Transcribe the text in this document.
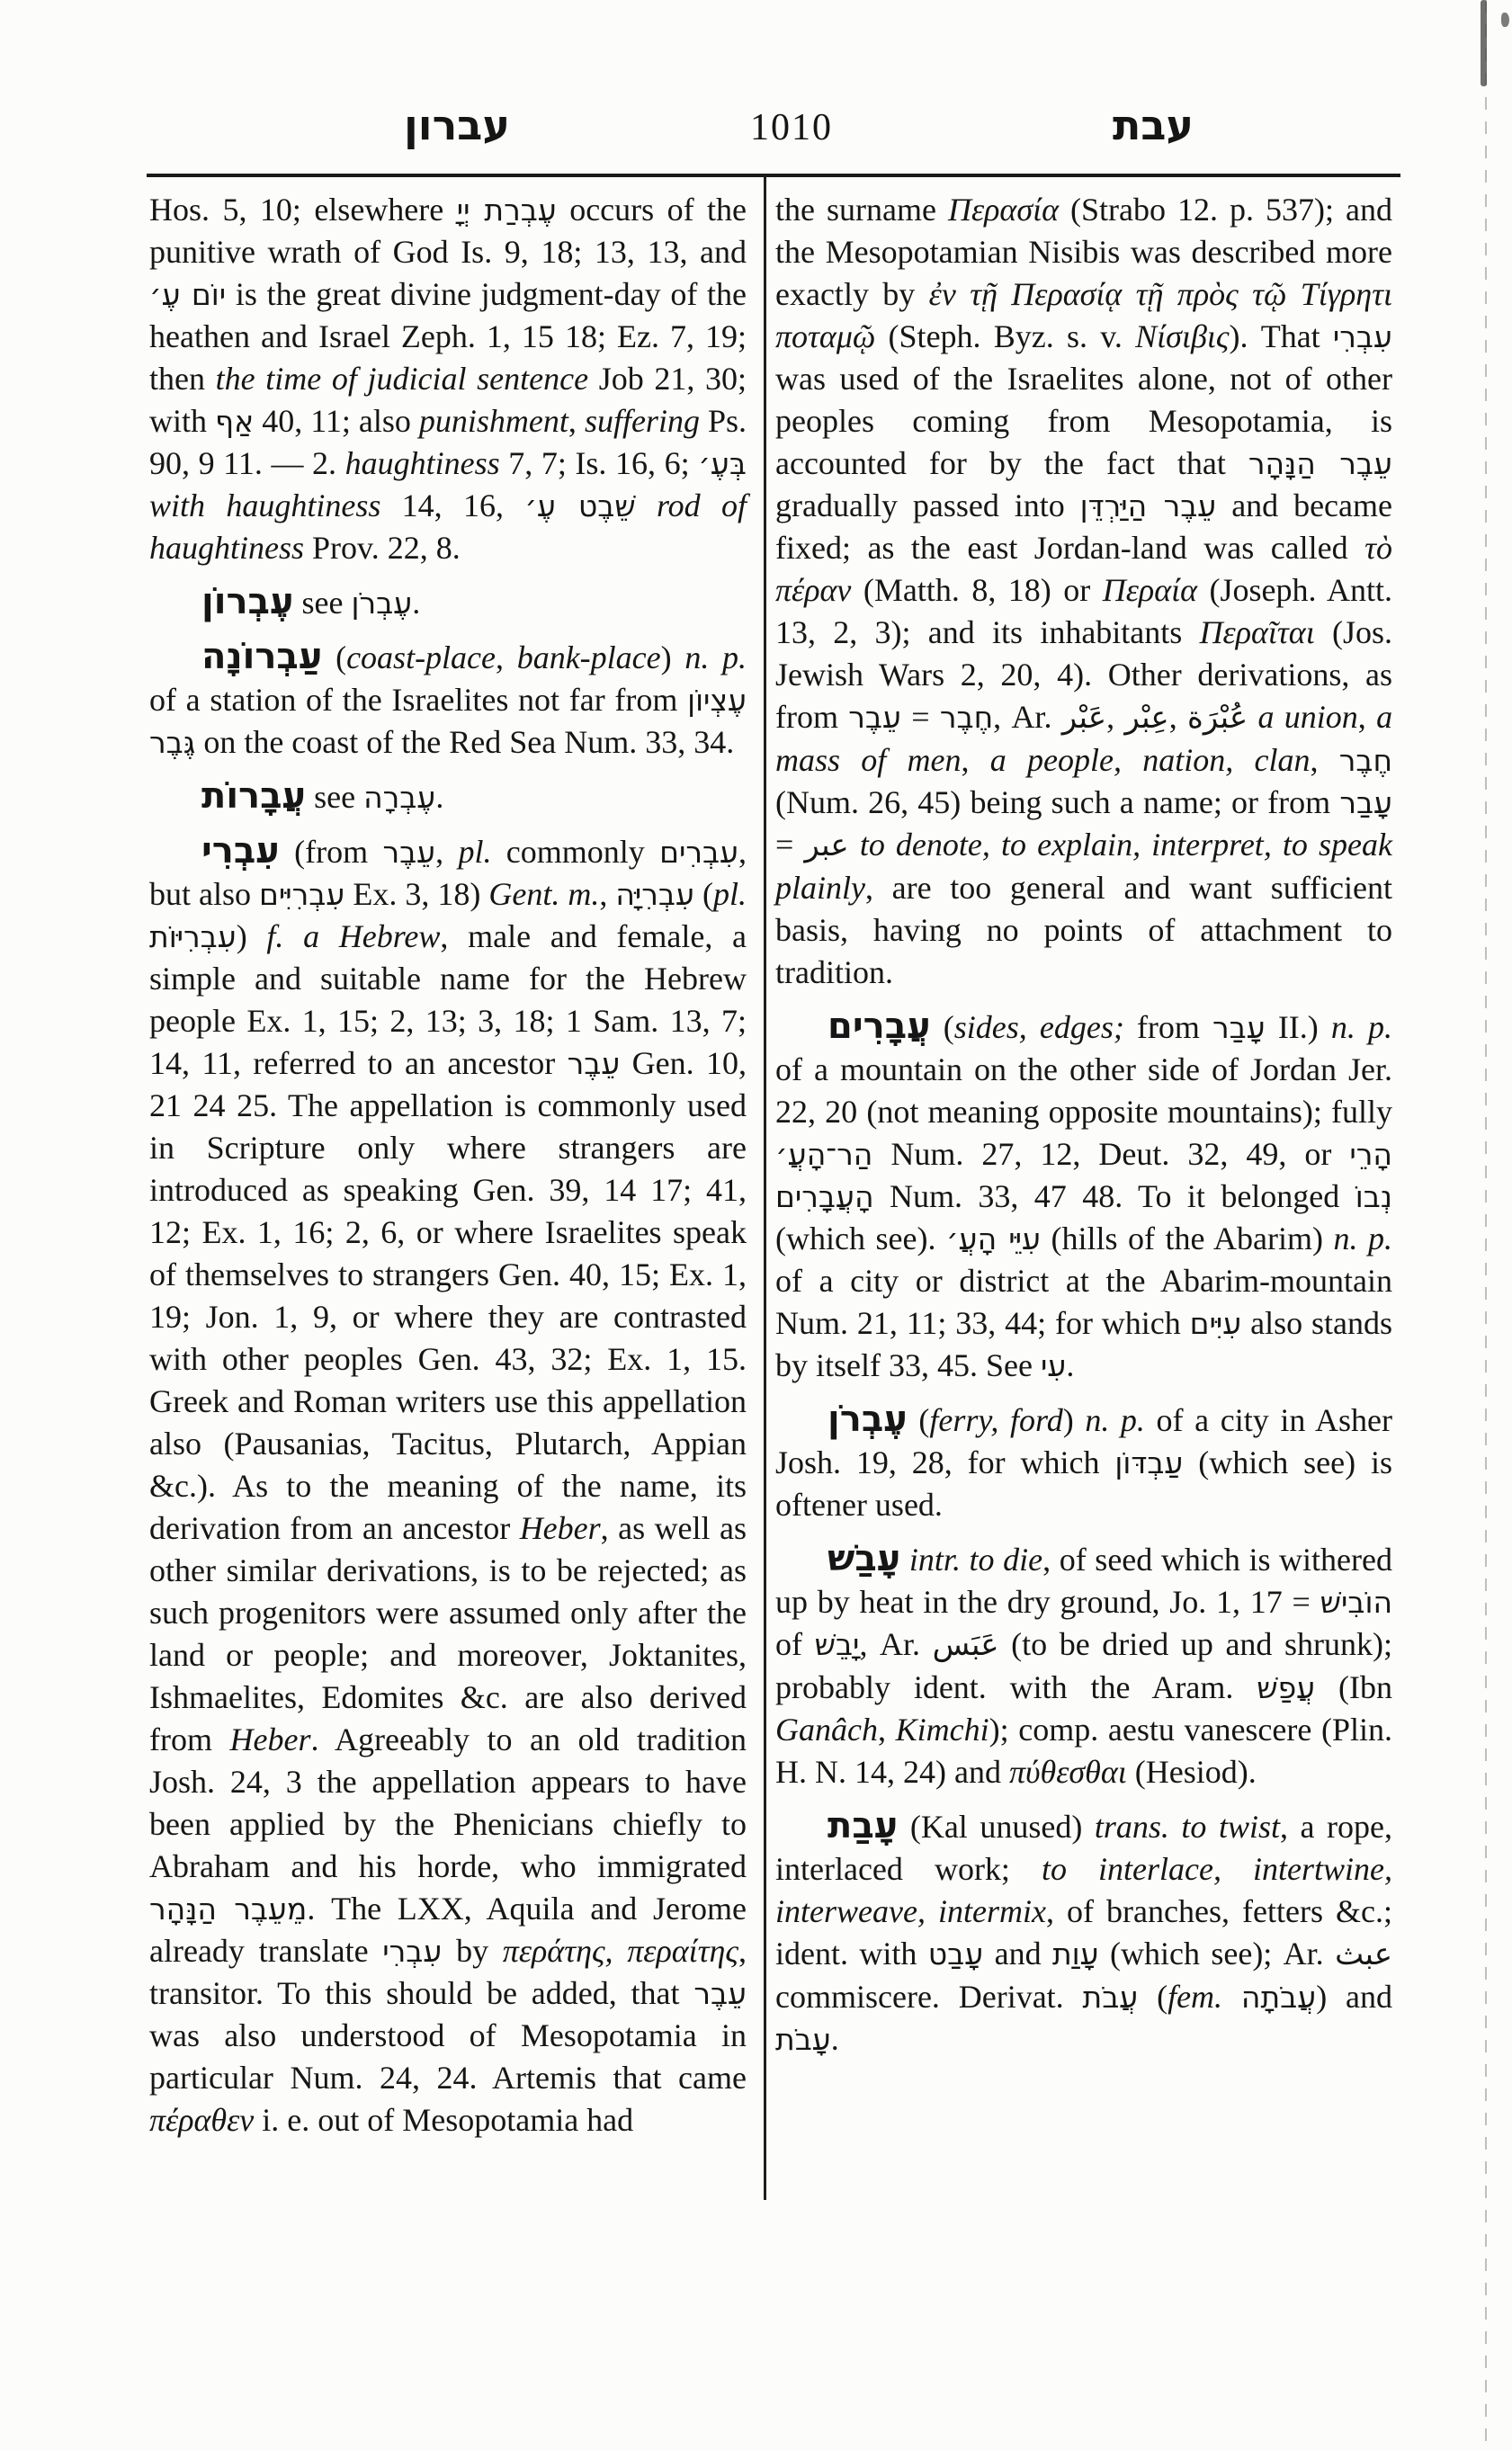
עברון	1010	עבת

Hos. 5, 10; elsewhere עֶבְרַת יְיָ occurs of the punitive wrath of God Is. 9, 18; 13, 13, and יוֹם עֶ׳ is the great divine judgment-day of the heathen and Israel Zeph. 1, 15 18; Ez. 7, 19; then the time of judicial sentence Job 21, 30; with אַף 40, 11; also punishment, suffering Ps. 90, 9 11. — 2. haughtiness 7, 7; Is. 16, 6; בְּעֶ׳ with haughtiness 14, 16, שֵׁבֶט עֶ׳ rod of haughtiness Prov. 22, 8.

עֶבְרוֹן see עֶבְרֹן.

עַבְרוֹנָה (coast-place, bank-place) n. p. of a station of the Israelites not far from עֶצְיוֹן גֶּבֶר on the coast of the Red Sea Num. 33, 34.

עֲבָרוֹת see עֶבְרָה.

עִבְרִי (from עֵבֶר, pl. commonly עִבְרִים, but also עִבְרִיִּים Ex. 3, 18) Gent. m., עִבְרִיָּה (pl. עִבְרִיּוֹת) f. a Hebrew, male and female, a simple and suitable name for the Hebrew people Ex. 1, 15; 2, 13; 3, 18; 1 Sam. 13, 7; 14, 11, referred to an ancestor עֵבֶר Gen. 10, 21 24 25. The appellation is commonly used in Scripture only where strangers are introduced as speaking Gen. 39, 14 17; 41, 12; Ex. 1, 16; 2, 6, or where Israelites speak of themselves to strangers Gen. 40, 15; Ex. 1, 19; Jon. 1, 9, or where they are contrasted with other peoples Gen. 43, 32; Ex. 1, 15. Greek and Roman writers use this appellation also (Pausanias, Tacitus, Plutarch, Appian &c.). As to the meaning of the name, its derivation from an ancestor Heber, as well as other similar derivations, is to be rejected; as such progenitors were assumed only after the land or people; and moreover, Joktanites, Ishmaelites, Edomites &c. are also derived from Heber. Agreeably to an old tradition Josh. 24, 3 the appellation appears to have been applied by the Phenicians chiefly to Abraham and his horde, who immigrated מֵעֵבֶר הַנָּהָר. The LXX, Aquila and Jerome already translate עִבְרִי by περάτης, περαίτης, transitor. To this should be added, that עֵבֶר was also understood of Mesopotamia in particular Num. 24, 24. Artemis that came πέραθεν i. e. out of Mesopotamia had

the surname Περασία (Strabo 12. p. 537); and the Mesopotamian Nisibis was described more exactly by ἐν τῇ Περασίᾳ τῇ πρὸς τῷ Τίγρητι ποταμῷ (Steph. Byz. s. v. Νίσιβις). That עִבְרִי was used of the Israelites alone, not of other peoples coming from Mesopotamia, is accounted for by the fact that עֵבֶר הַנָּהָר gradually passed into עֵבֶר הַיַּרְדֵּן and became fixed; as the east Jordan-land was called τὸ πέραν (Matth. 8, 18) or Περαία (Joseph. Antt. 13, 2, 3); and its inhabitants Περαῖται (Jos. Jewish Wars 2, 20, 4). Other derivations, as from עֵבֶר = חֶבֶר, Ar. عَبْر, عِبْر, عُبْرَة a union, a mass of men, a people, nation, clan, חֶבֶר (Num. 26, 45) being such a name; or from עָבַר = عبر to denote, to explain, interpret, to speak plainly, are too general and want sufficient basis, having no points of attachment to tradition.

עֲבָרִים (sides, edges; from עָבַר II.) n. p. of a mountain on the other side of Jordan Jer. 22, 20 (not meaning opposite mountains); fully הַר־הָעֲ׳ Num. 27, 12, Deut. 32, 49, or הָרֵי הָעֲבָרִים Num. 33, 47 48. To it belonged נְבוֹ (which see). עִיֵּי הָעֲ׳ (hills of the Abarim) n. p. of a city or district at the Abarim-mountain Num. 21, 11; 33, 44; for which עִיִּים also stands by itself 33, 45. See עִי.

עֶבְרֹן (ferry, ford) n. p. of a city in Asher Josh. 19, 28, for which עַבְדּוֹן (which see) is oftener used.

עָבַשׁ intr. to die, of seed which is withered up by heat in the dry ground, Jo. 1, 17 = הוֹבִישׁ of יָבֵשׁ, Ar. عَبَس (to be dried up and shrunk); probably ident. with the Aram. עֲפַשׁ (Ibn Ganâch, Kimchi); comp. aestu vanescere (Plin. H. N. 14, 24) and πύθεσθαι (Hesiod).

עָבַת (Kal unused) trans. to twist, a rope, interlaced work; to interlace, intertwine, interweave, intermix, of branches, fetters &c.; ident. with עָבַט and עָוַת (which see); Ar. عبث commiscere. Derivat. עֲבֹת (fem. עֲבֹתָה) and עָבֹת.
